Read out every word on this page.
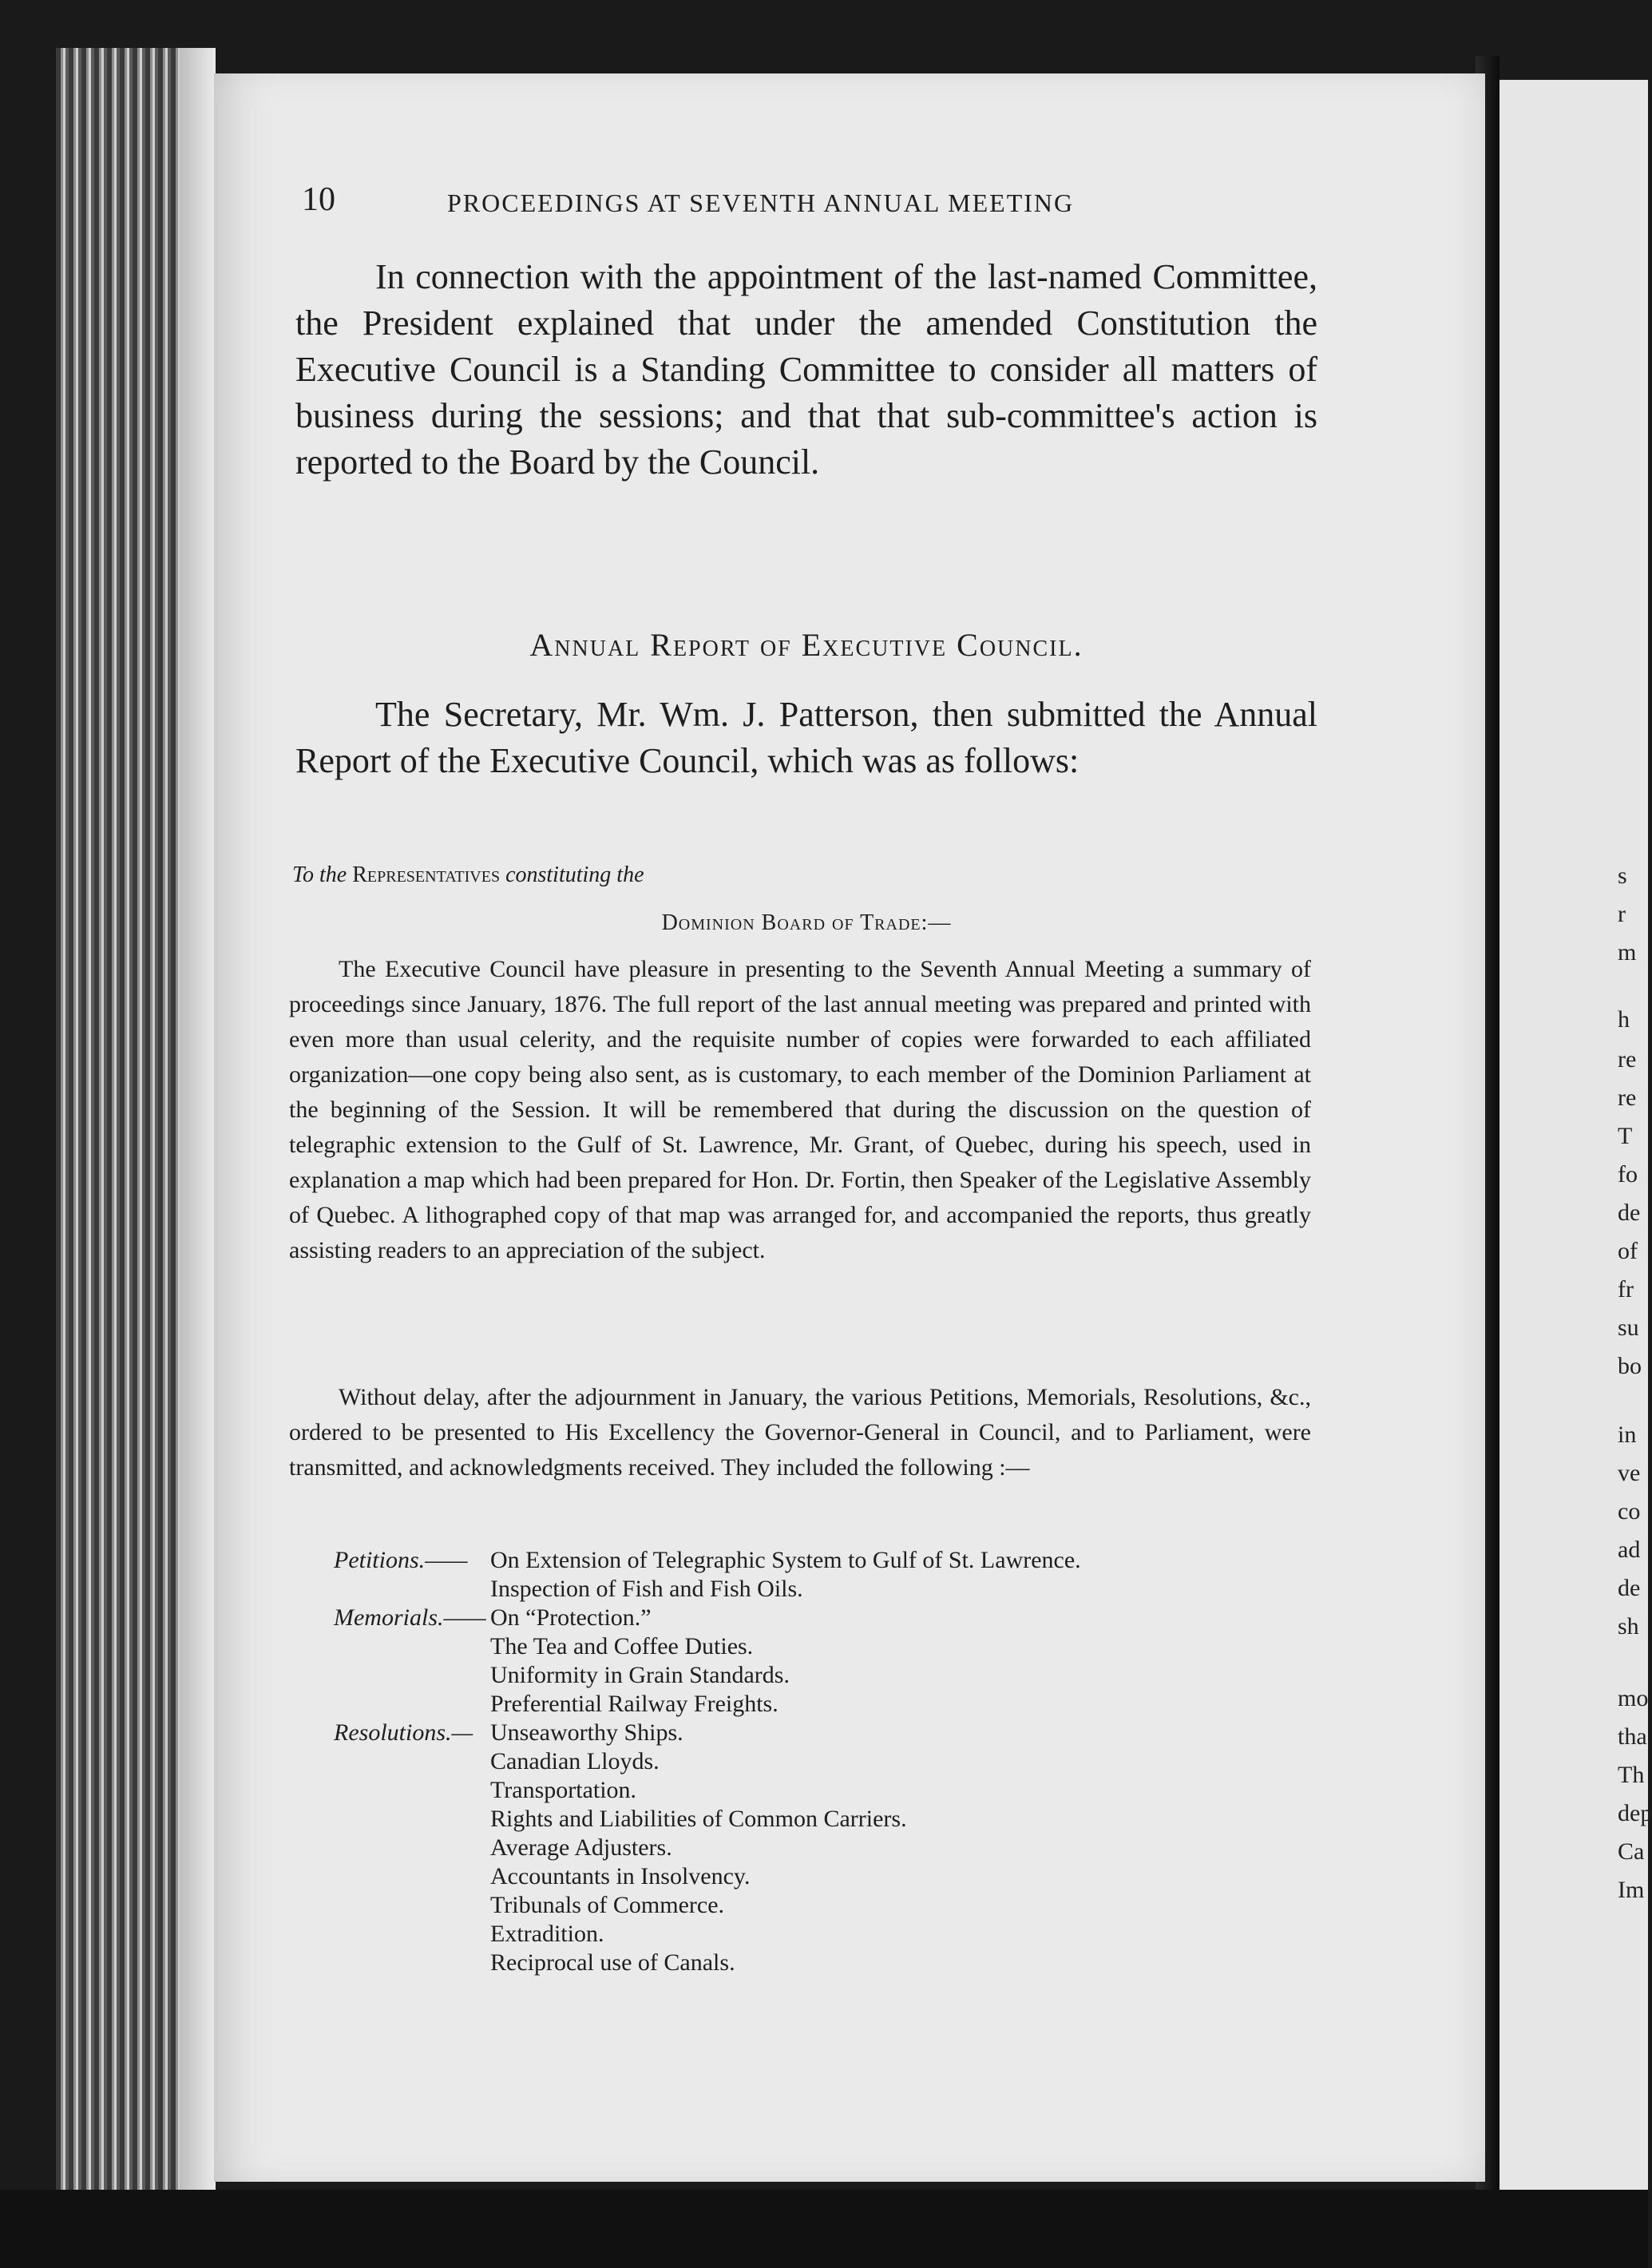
s
r
m
h
re
re
T
fo
de
of
fr
su
bo
in
ve
co
ad
de
sh
mo
tha
Th
dep
Ca
Im
10	PROCEEDINGS AT SEVENTH ANNUAL MEETING

In connection with the appointment of the last-named Committee, the President explained that under the amended Constitution the Executive Council is a Standing Committee to consider all matters of business during the sessions; and that that sub-committee's action is reported to the Board by the Council.

Annual Report of Executive Council.

The Secretary, Mr. Wm. J. Patterson, then submitted the Annual Report of the Executive Council, which was as follows:

To the Representatives constituting the
Dominion Board of Trade:—

The Executive Council have pleasure in presenting to the Seventh Annual Meeting a summary of proceedings since January, 1876. The full report of the last annual meeting was prepared and printed with even more than usual celerity, and the requisite number of copies were forwarded to each affiliated organization—one copy being also sent, as is customary, to each member of the Dominion Parliament at the beginning of the Session. It will be remembered that during the discussion on the question of telegraphic extension to the Gulf of St. Lawrence, Mr. Grant, of Quebec, during his speech, used in explanation a map which had been prepared for Hon. Dr. Fortin, then Speaker of the Legislative Assembly of Quebec. A lithographed copy of that map was arranged for, and accompanied the reports, thus greatly assisting readers to an appreciation of the subject.

Without delay, after the adjournment in January, the various Petitions, Memorials, Resolutions, &c., ordered to be presented to His Excellency the Governor-General in Council, and to Parliament, were transmitted, and acknowledgments received. They included the following :—

Petitions.—— On Extension of Telegraphic System to Gulf of St. Lawrence.
Inspection of Fish and Fish Oils.
Memorials.—— On “Protection.”
The Tea and Coffee Duties.
Uniformity in Grain Standards.
Preferential Railway Freights.
Resolutions.— Unseaworthy Ships.
Canadian Lloyds.
Transportation.
Rights and Liabilities of Common Carriers.
Average Adjusters.
Accountants in Insolvency.
Tribunals of Commerce.
Extradition.
Reciprocal use of Canals.
